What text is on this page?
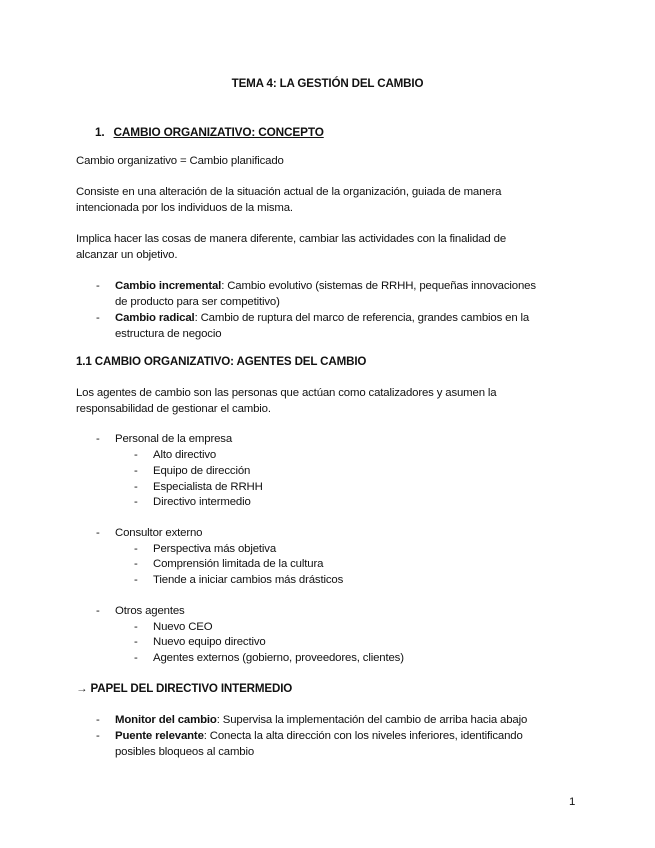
TEMA 4: LA GESTIÓN DEL CAMBIO
1. CAMBIO ORGANIZATIVO: CONCEPTO
Cambio organizativo = Cambio planificado
Consiste en una alteración de la situación actual de la organización, guiada de manera
intencionada por los individuos de la misma.
Implica hacer las cosas de manera diferente, cambiar las actividades con la finalidad de
alcanzar un objetivo.
- Cambio incremental: Cambio evolutivo (sistemas de RRHH, pequeñas innovaciones
de producto para ser competitivo)
- Cambio radical: Cambio de ruptura del marco de referencia, grandes cambios en la
estructura de negocio
1.1 CAMBIO ORGANIZATIVO: AGENTES DEL CAMBIO
Los agentes de cambio son las personas que actúan como catalizadores y asumen la
responsabilidad de gestionar el cambio.
- Personal de la empresa
- Alto directivo
- Equipo de dirección
- Especialista de RRHH
- Directivo intermedio
- Consultor externo
- Perspectiva más objetiva
- Comprensión limitada de la cultura
- Tiende a iniciar cambios más drásticos
- Otros agentes
- Nuevo CEO
- Nuevo equipo directivo
- Agentes externos (gobierno, proveedores, clientes)
→ PAPEL DEL DIRECTIVO INTERMEDIO
- Monitor del cambio: Supervisa la implementación del cambio de arriba hacia abajo
- Puente relevante: Conecta la alta dirección con los niveles inferiores, identificando
posibles bloqueos al cambio
1
